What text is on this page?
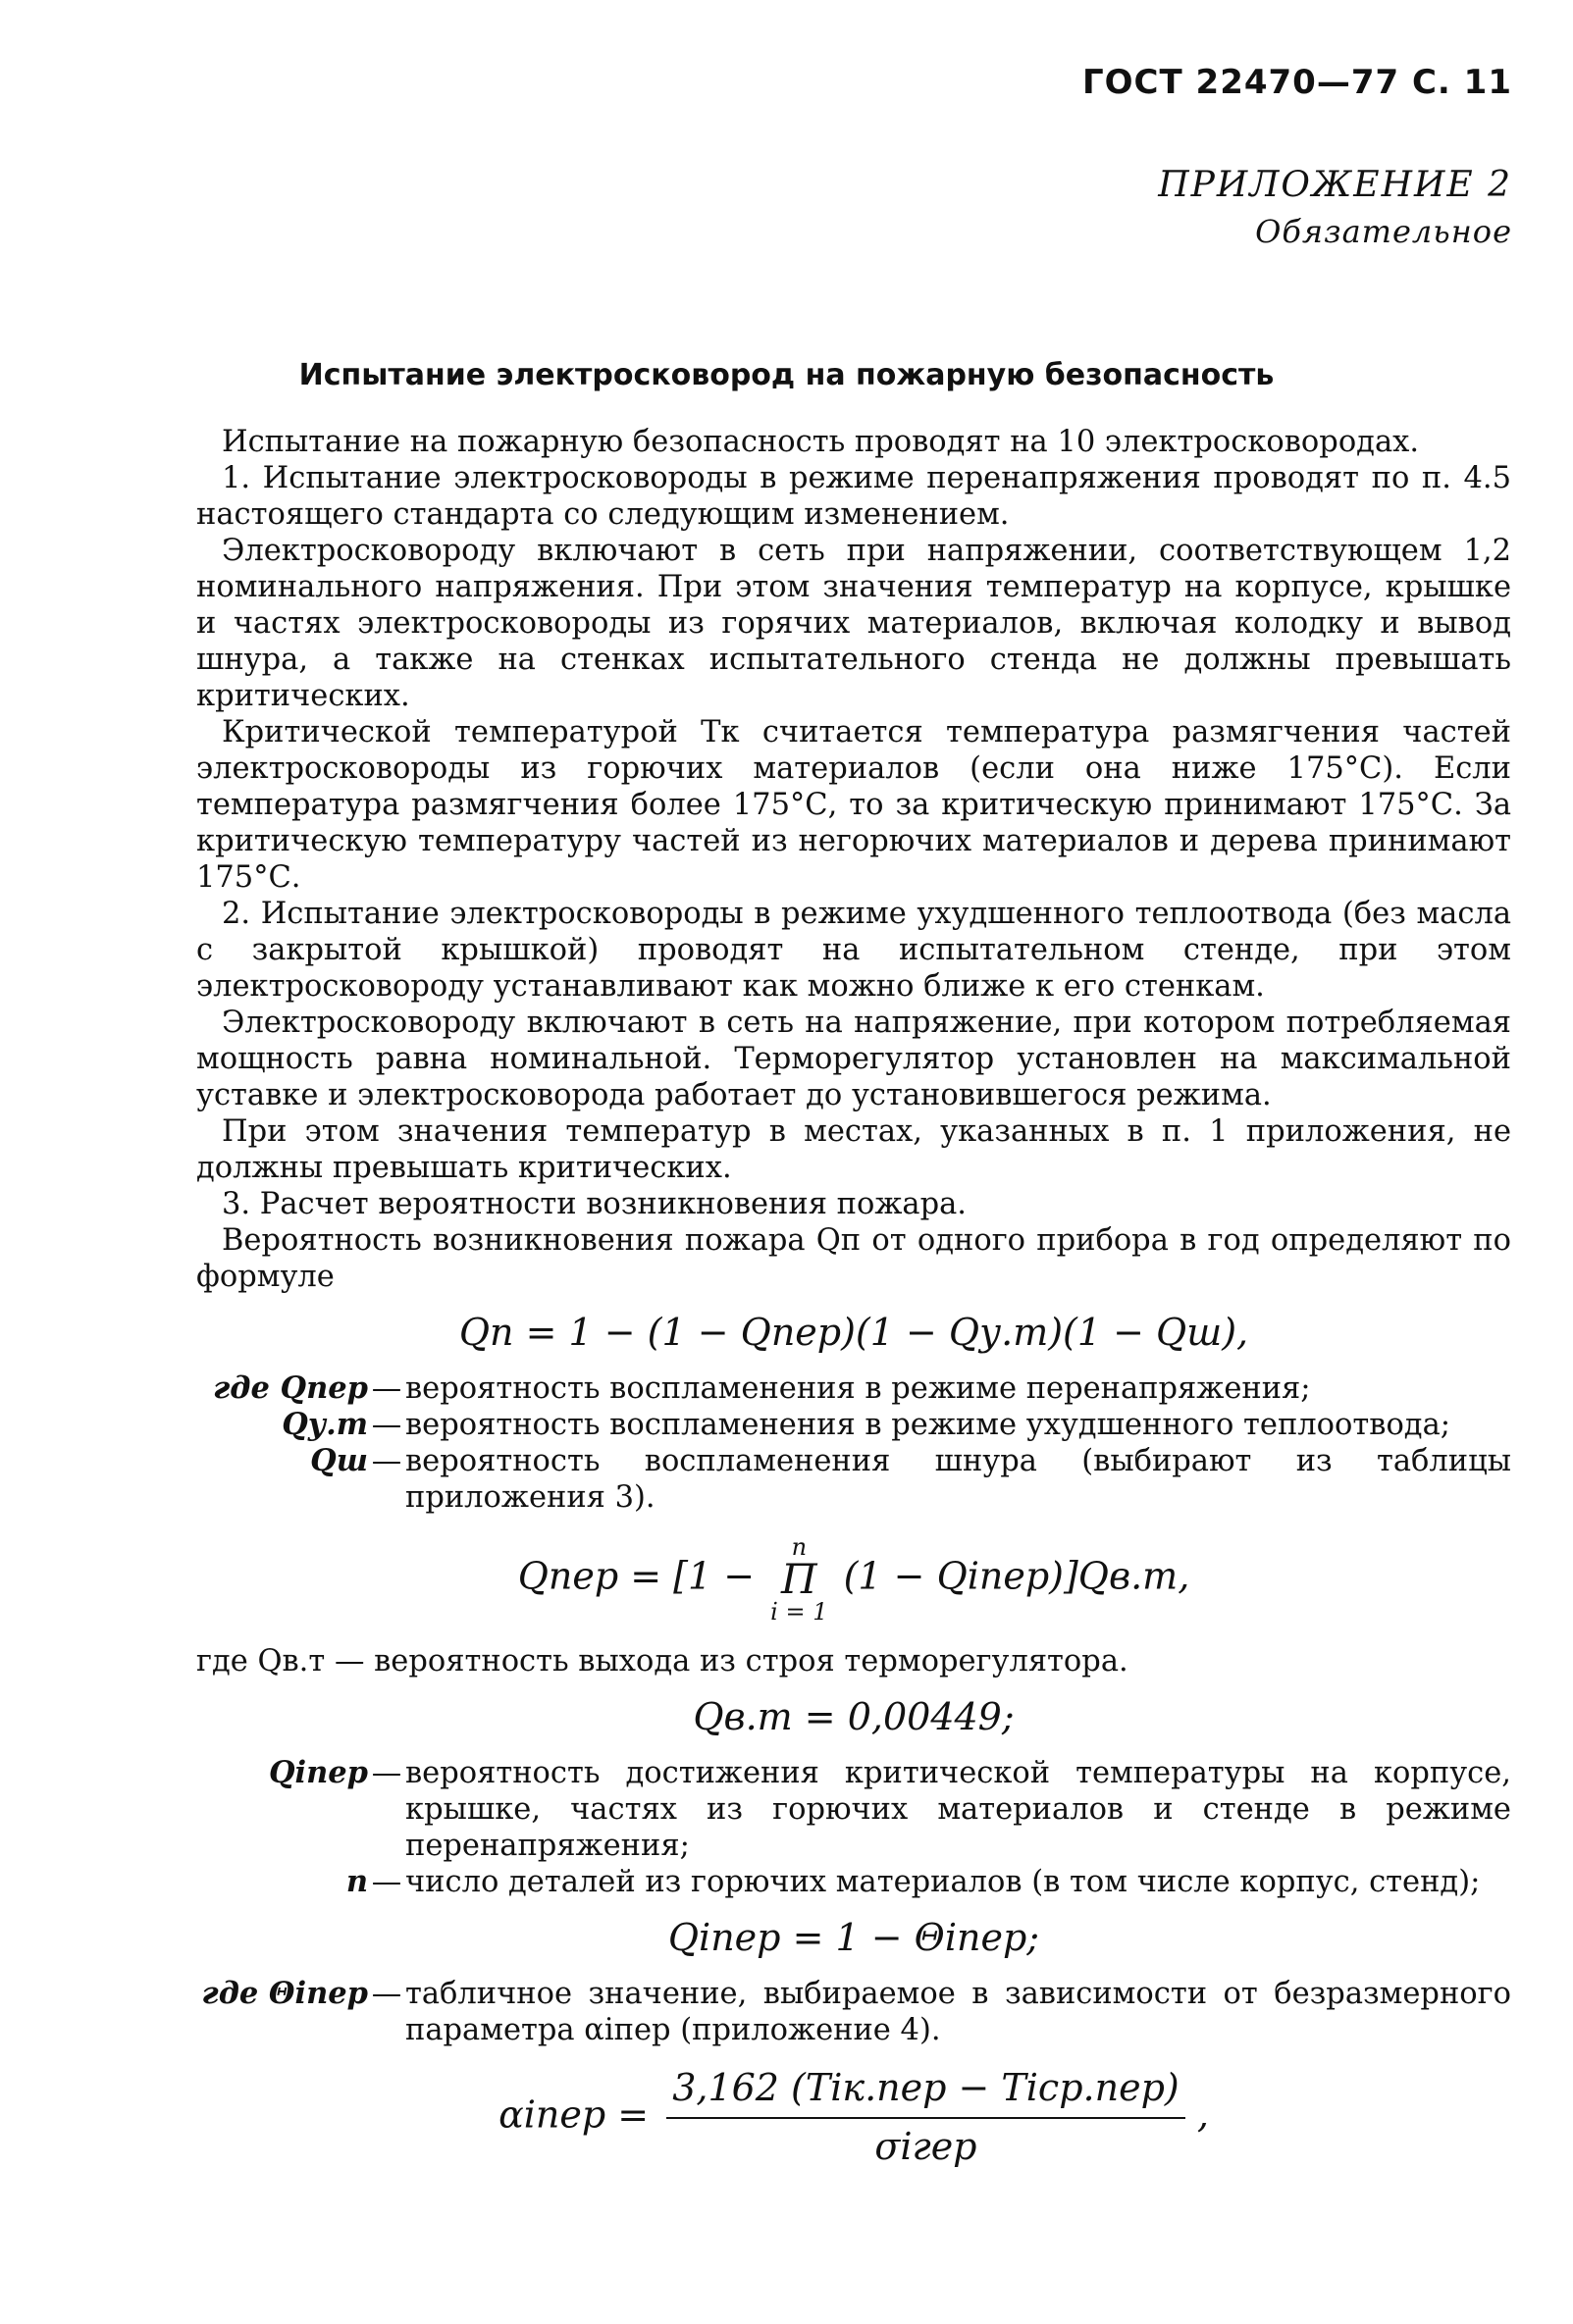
ГОСТ 22470—77 С. 11
ПРИЛОЖЕНИЕ 2
Обязательное
Испытание электросковород на пожарную безопасность

Испытание на пожарную безопасность проводят на 10 электросковородах.

1. Испытание электросковороды в режиме перенапряжения проводят по п. 4.5 настоящего стандарта со следующим изменением.

Электросковороду включают в сеть при напряжении, соответствующем 1,2 номинального напряжения. При этом значения температур на корпусе, крышке и частях электросковороды из горячих материалов, включая колодку и вывод шнура, а также на стенках испытательного стенда не должны превышать критических.

Критической температурой Тк считается температура размягчения частей электросковороды из горючих материалов (если она ниже 175°С). Если температура размягчения более 175°С, то за критическую принимают 175°С. За критическую температуру частей из негорючих материалов и дерева принимают 175°С.

2. Испытание электросковороды в режиме ухудшенного теплоотвода (без масла с закрытой крышкой) проводят на испытательном стенде, при этом электросковороду устанавливают как можно ближе к его стенкам.

Электросковороду включают в сеть на напряжение, при котором потребляемая мощность равна номинальной. Терморегулятор установлен на максимальной уставке и электросковорода работает до установившегося режима.

При этом значения температур в местах, указанных в п. 1 приложения, не должны превышать критических.

3. Расчет вероятности возникновения пожара.

Вероятность возникновения пожара Qп от одного прибора в год определяют по формуле

Qп = 1 − (1 − Qпер)(1 − Qу.т)(1 − Qш),
где Qпер — вероятность воспламенения в режиме перенапряжения;
Qу.т — вероятность воспламенения в режиме ухудшенного теплоотвода;
Qш — вероятность воспламенения шнура (выбирают из таблицы приложения 3).
Qпер = [1 −
n
П
i = 1
(1 − Qiпер)]Qв.т,

где Qв.т — вероятность выхода из строя терморегулятора.

Qв.т = 0,00449;
Qiпер — вероятность достижения критической температуры на корпусе, крышке, частях из горючих материалов и стенде в режиме перенапряжения;
n — число деталей из горючих материалов (в том числе корпус, стенд);
Qiпер = 1 − Θiпер;
где Θiпер — табличное значение, выбираемое в зависимости от безразмерного параметра αiпер (приложение 4).
αiпер = $\frac{\text{3,162 (Тiк.пер − Тiср.пер)}}{\text{σiгер}}$ ,
